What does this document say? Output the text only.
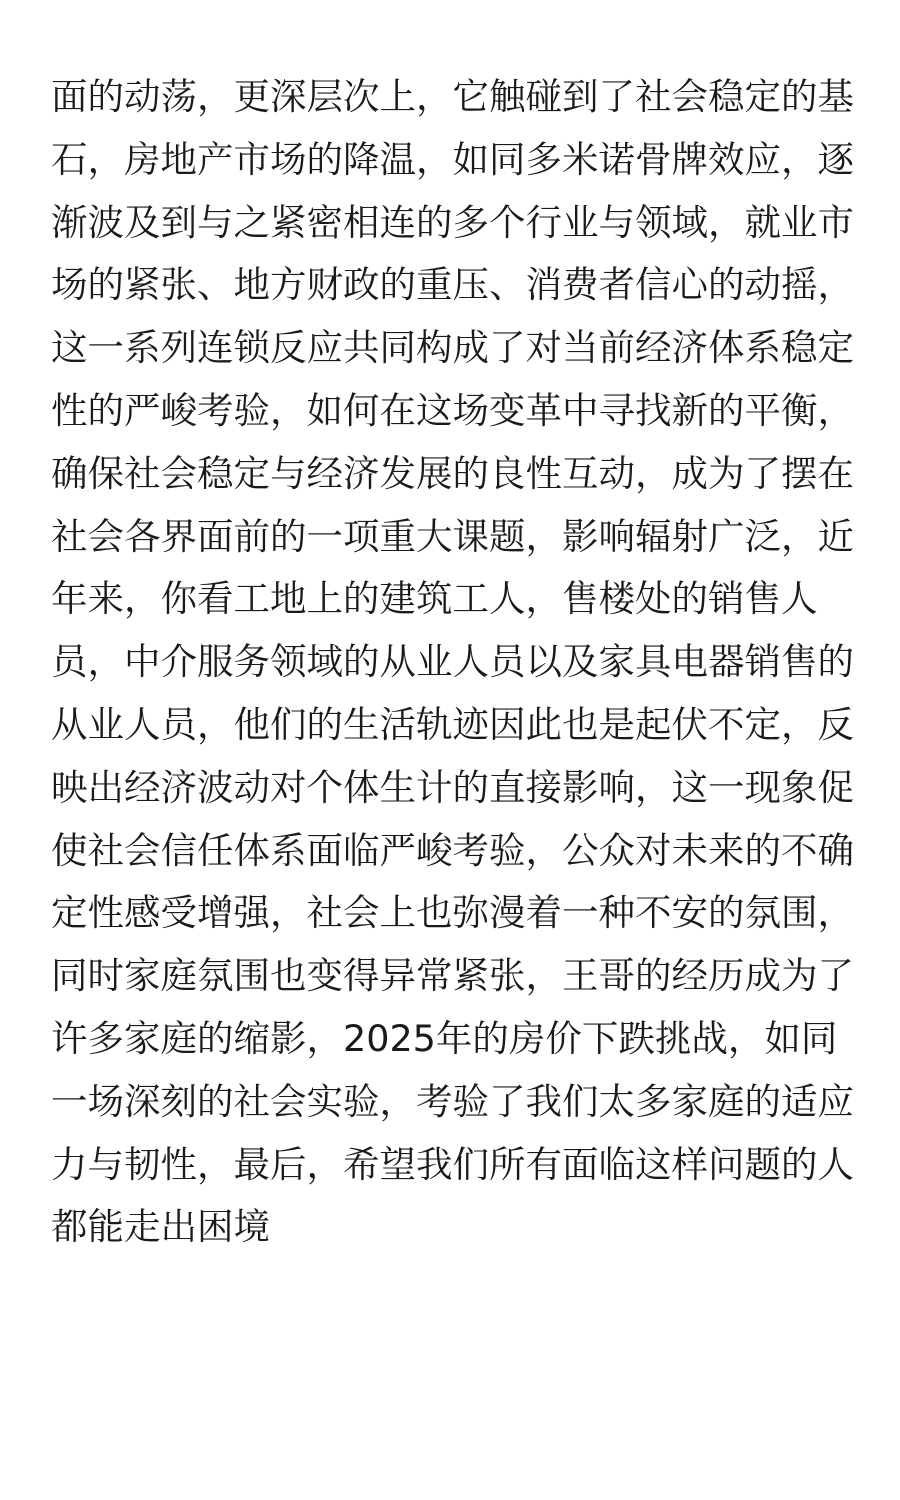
面的动荡，更深层次上，它触碰到了社会稳定的基
石，房地产市场的降温，如同多米诺骨牌效应，逐
渐波及到与之紧密相连的多个行业与领域，就业市
场的紧张、地方财政的重压、消费者信心的动摇，
这一系列连锁反应共同构成了对当前经济体系稳定
性的严峻考验，如何在这场变革中寻找新的平衡，
确保社会稳定与经济发展的良性互动，成为了摆在
社会各界面前的一项重大课题，影响辐射广泛，近
年来，你看工地上的建筑工人，售楼处的销售人
员，中介服务领域的从业人员以及家具电器销售的
从业人员，他们的生活轨迹因此也是起伏不定，反
映出经济波动对个体生计的直接影响，这一现象促
使社会信任体系面临严峻考验，公众对未来的不确
定性感受增强，社会上也弥漫着一种不安的氛围，
同时家庭氛围也变得异常紧张，王哥的经历成为了
许多家庭的缩影，2025年的房价下跌挑战，如同
一场深刻的社会实验，考验了我们太多家庭的适应
力与韧性，最后，希望我们所有面临这样问题的人
都能走出困境
